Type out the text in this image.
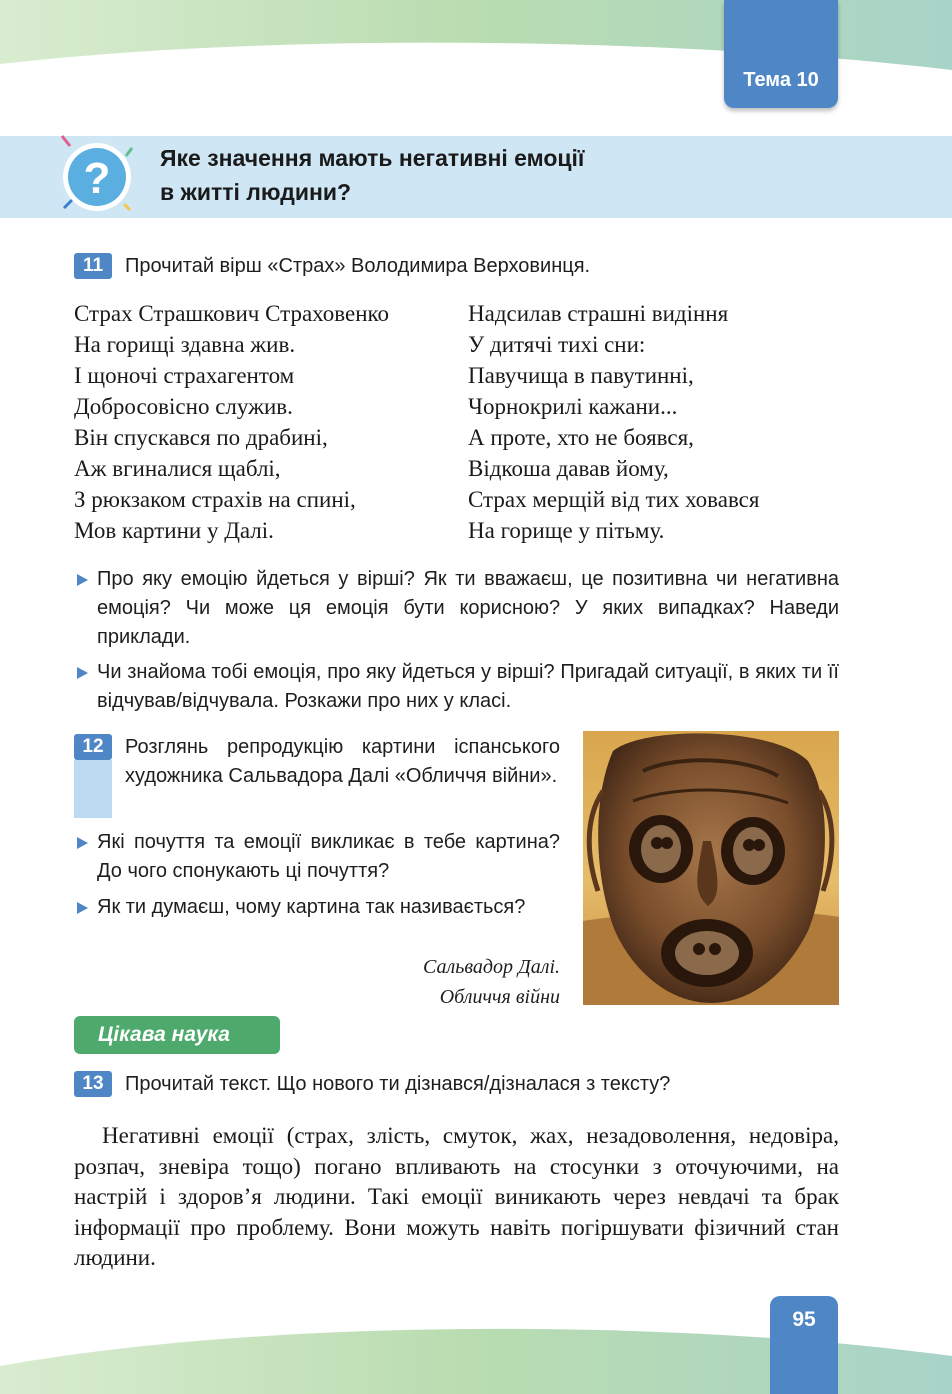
Тема 10
? Яке значення мають негативні емоції
в житті людини?
11	Прочитай вірш «Страх» Володимира Верховинця.
Страх Страшкович Страховенко
На горищі здавна жив.
І щоночі страхагентом
Добросовісно служив.
Він спускався по драбині,
Аж вгиналися щаблі,
З рюкзаком страхів на спині,
Мов картини у Далі.
Надсилав страшні видіння
У дитячі тихі сни:
Павучища в павутинні,
Чорнокрилі кажани...
А проте, хто не боявся,
Відкоша давав йому,
Страх мерщій від тих ховався
На горище у пітьму.
Про яку емоцію йдеться у вірші? Як ти вважаєш, це позитивна чи негативна емоція? Чи може ця емоція бути корисною? У яких випадках? Наведи приклади.
Чи знайома тобі емоція, про яку йдеться у вірші? Пригадай ситуації, в яких ти її відчував/відчувала. Розкажи про них у класі.
12	Розглянь репродукцію картини іспанського художника Сальвадора Далі «Обличчя війни».
Які почуття та емоції викликає в тебе картина? До чого спонукають ці почуття?
Як ти думаєш, чому картина так називається?
Сальвадор Далі.
Обличчя війни
Цікава наука
13	Прочитай текст. Що нового ти дізнався/дізналася з тексту?
Негативні емоції (страх, злість, смуток, жах, незадоволення, недовіра, розпач, зневіра тощо) погано впливають на стосунки з оточуючими, на настрій і здоров’я людини. Такі емоції виникають через невдачі та брак інформації про проблему. Вони можуть навіть погіршувати фізичний стан людини.
95
